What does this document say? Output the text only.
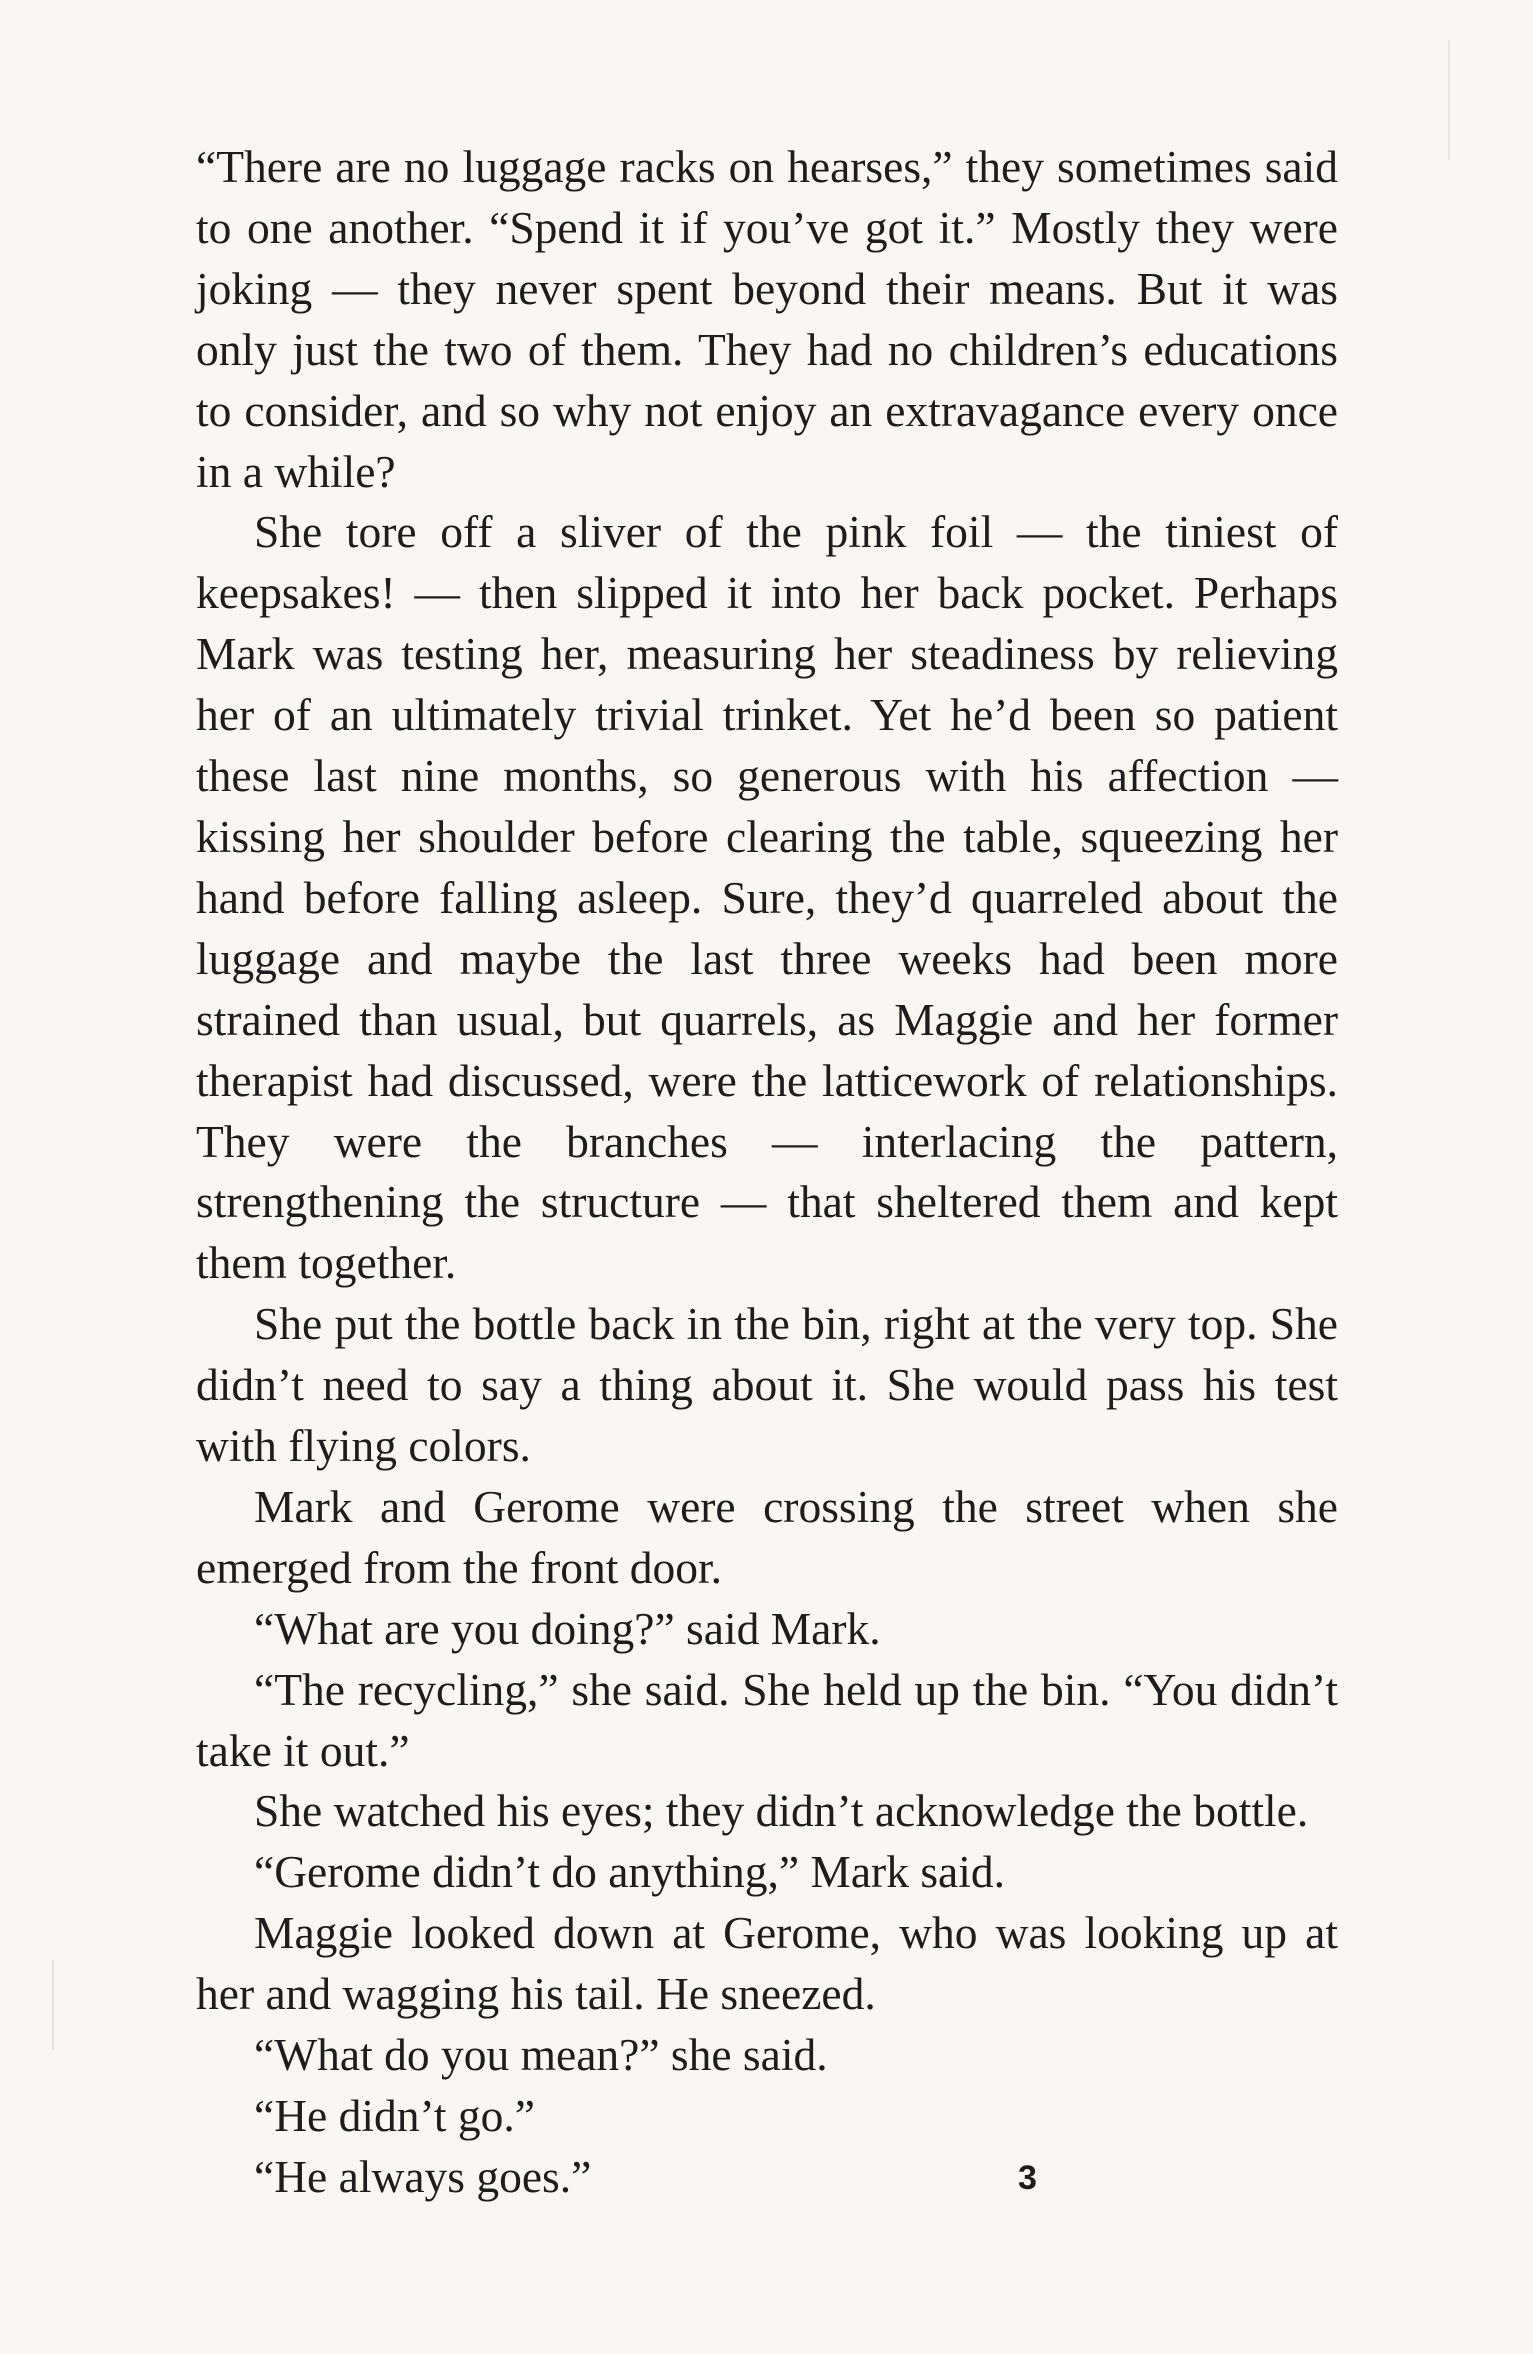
“There are no luggage racks on hearses,” they sometimes said to one another. “Spend it if you’ve got it.” Mostly they were joking — they never spent beyond their means. But it was only just the two of them. They had no children’s educations to consider, and so why not enjoy an extravagance every once in a while?

She tore off a sliver of the pink foil — the tiniest of keepsakes! — then slipped it into her back pocket. Perhaps Mark was testing her, measuring her steadiness by relieving her of an ultimately trivial trinket. Yet he’d been so patient these last nine months, so generous with his affection — kissing her shoulder before clearing the table, squeezing her hand before falling asleep. Sure, they’d quarreled about the luggage and maybe the last three weeks had been more strained than usual, but quarrels, as Maggie and her former therapist had discussed, were the latticework of relationships. They were the branches — interlacing the pattern, strengthening the structure — that sheltered them and kept them together.

She put the bottle back in the bin, right at the very top. She didn’t need to say a thing about it. She would pass his test with flying colors.

Mark and Gerome were crossing the street when she emerged from the front door.

“What are you doing?” said Mark.

“The recycling,” she said. She held up the bin. “You didn’t take it out.”

She watched his eyes; they didn’t acknowledge the bottle.

“Gerome didn’t do anything,” Mark said.

Maggie looked down at Gerome, who was looking up at her and wagging his tail. He sneezed.

“What do you mean?” she said.

“He didn’t go.”

“He always goes.”	3
